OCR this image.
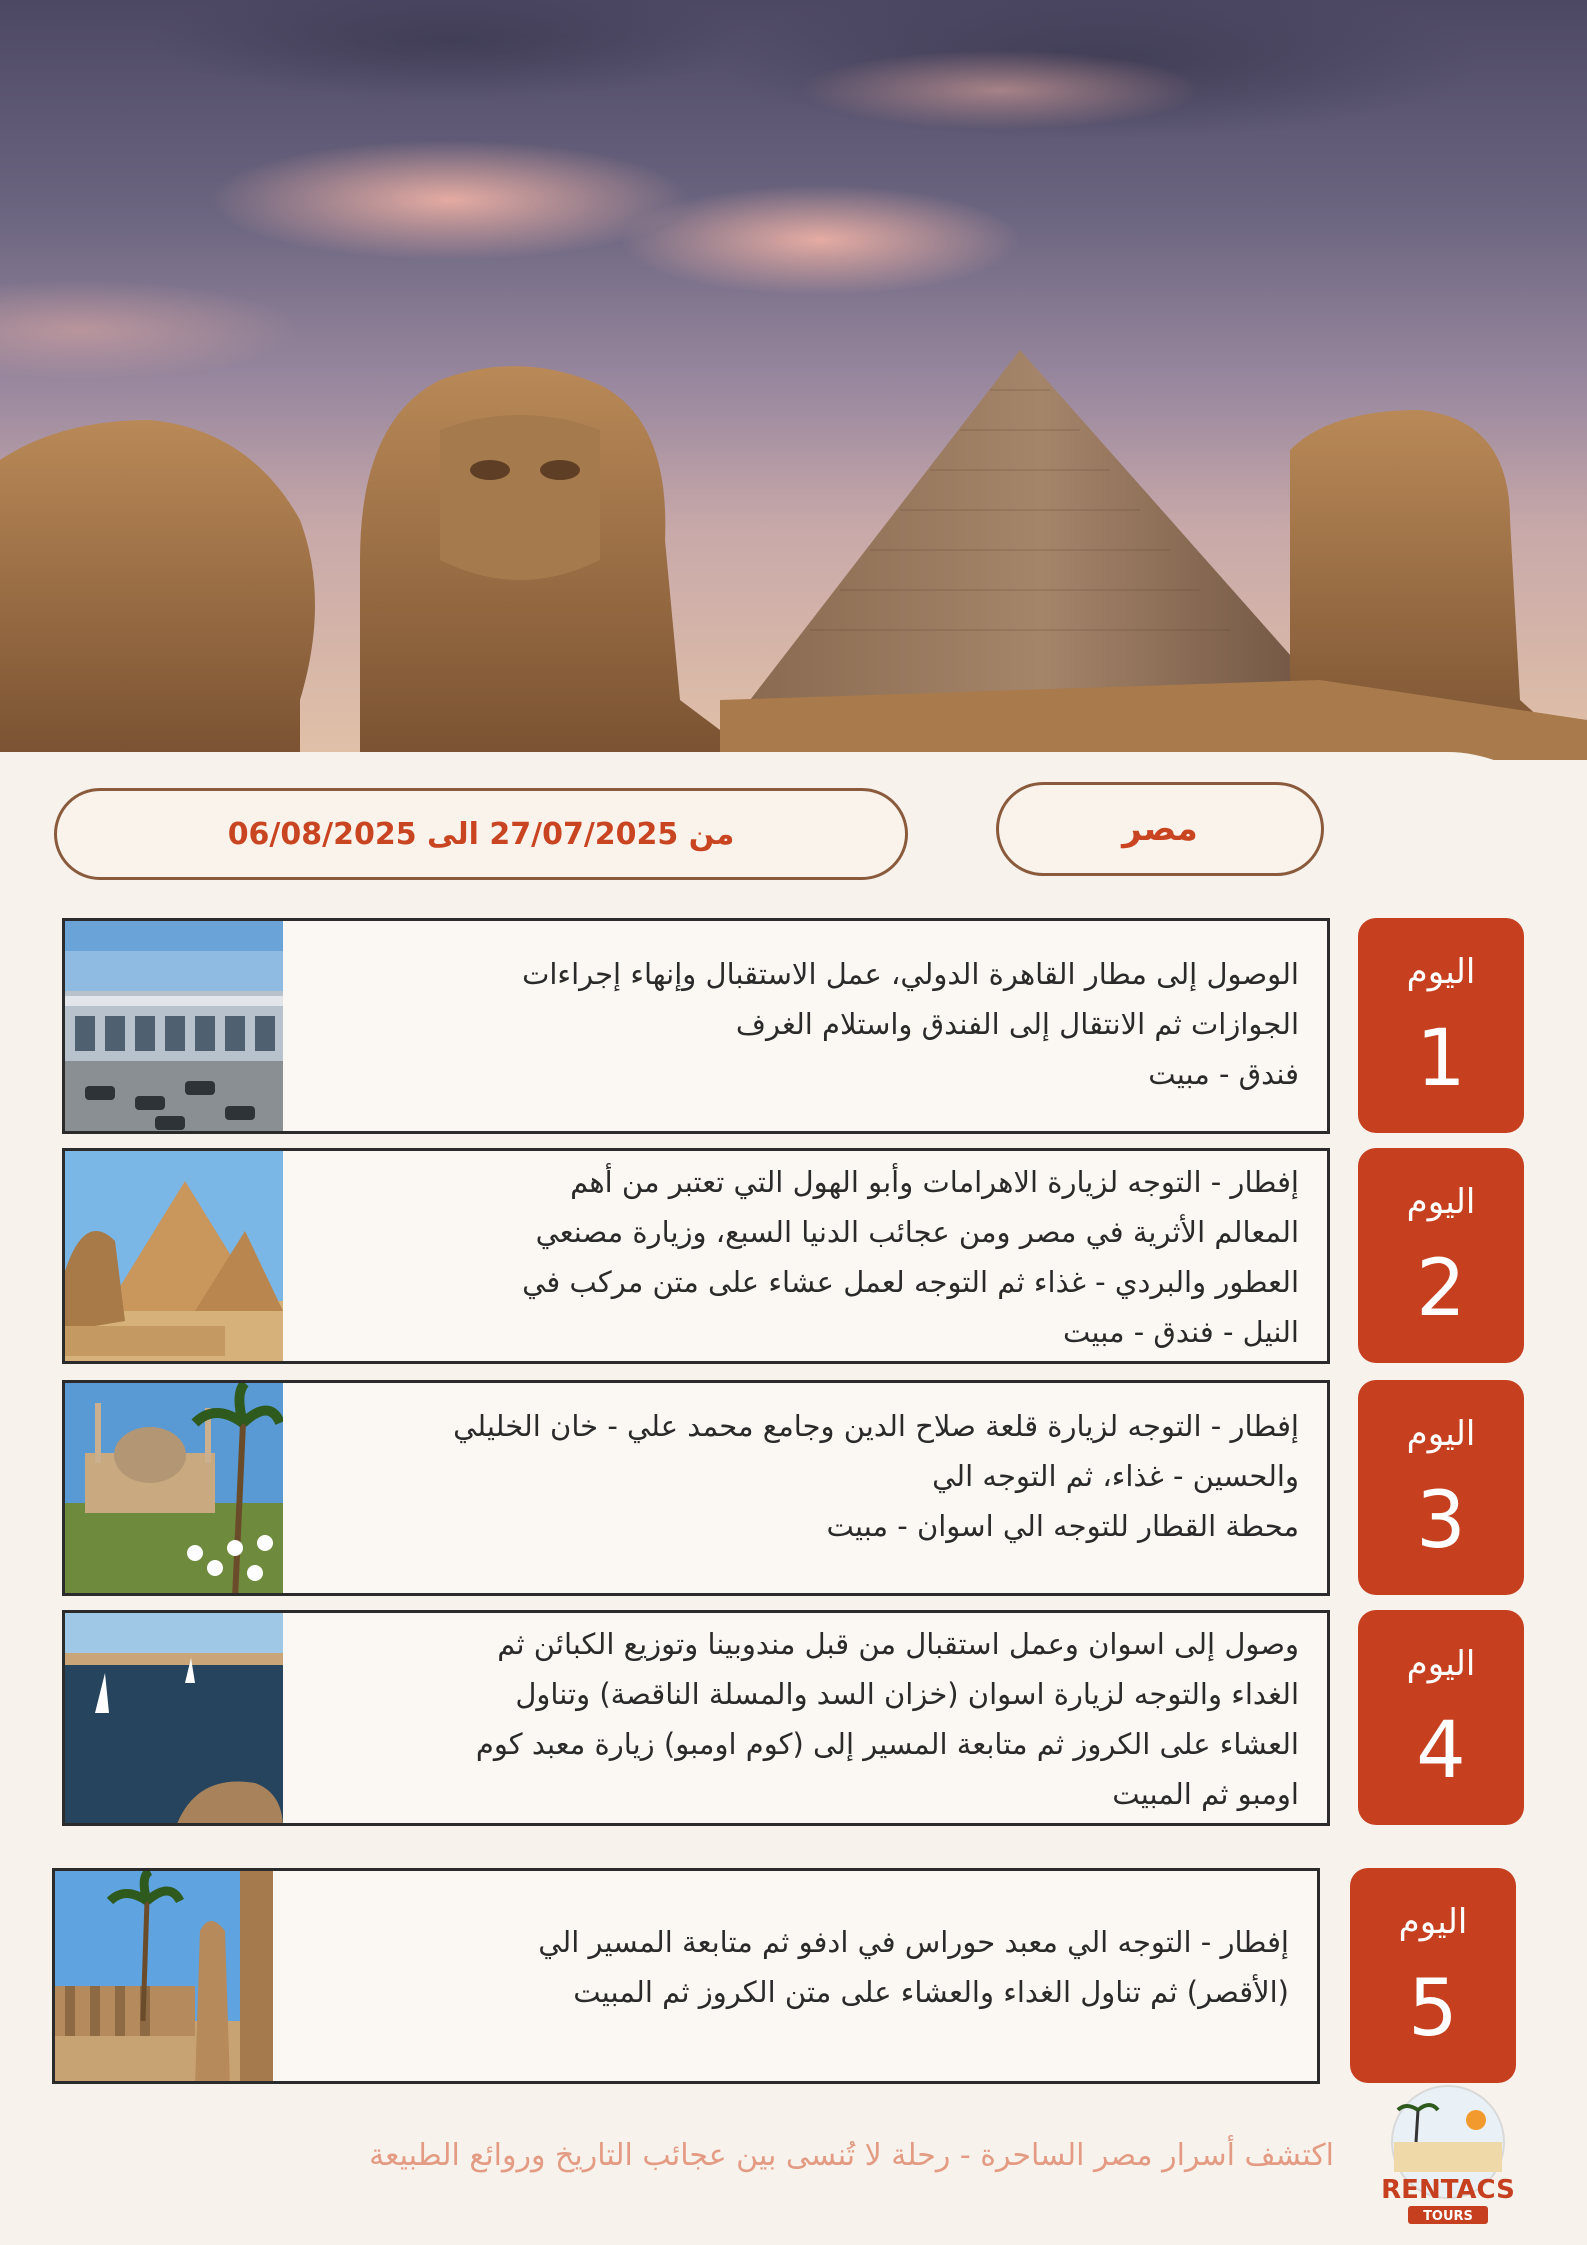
مصر
من 27/07/2025 الى 06/08/2025
الوصول إلى مطار القاهرة الدولي، عمل الاستقبال وإنهاء إجراءات
الجوازات ثم الانتقال إلى الفندق واستلام الغرف
فندق - مبيت
اليوم
1
إفطار - التوجه لزيارة الاهرامات وأبو الهول التي تعتبر من أهم
المعالم الأثرية في مصر ومن عجائب الدنيا السبع، وزيارة مصنعي
العطور والبردي - غذاء ثم التوجه لعمل عشاء على متن مركب في
النيل - فندق - مبيت
اليوم
2
إفطار - التوجه لزيارة قلعة صلاح الدين وجامع محمد علي - خان الخليلي
والحسين - غذاء، ثم التوجه الي
محطة القطار للتوجه الي اسوان - مبيت
اليوم
3
وصول إلى اسوان وعمل استقبال من قبل مندوبينا وتوزيع الكبائن ثم
الغداء والتوجه لزيارة اسوان (خزان السد والمسلة الناقصة) وتناول
العشاء على الكروز ثم متابعة المسير إلى (كوم اومبو) زيارة معبد كوم
اومبو ثم المبيت
اليوم
4
إفطار - التوجه الي معبد حوراس في ادفو ثم متابعة المسير الي
(الأقصر) ثم تناول الغداء والعشاء على متن الكروز ثم المبيت
اليوم
5
اكتشف أسرار مصر الساحرة - رحلة لا تُنسى بين عجائب التاريخ وروائع الطبيعة
RENTACS
TOURS
